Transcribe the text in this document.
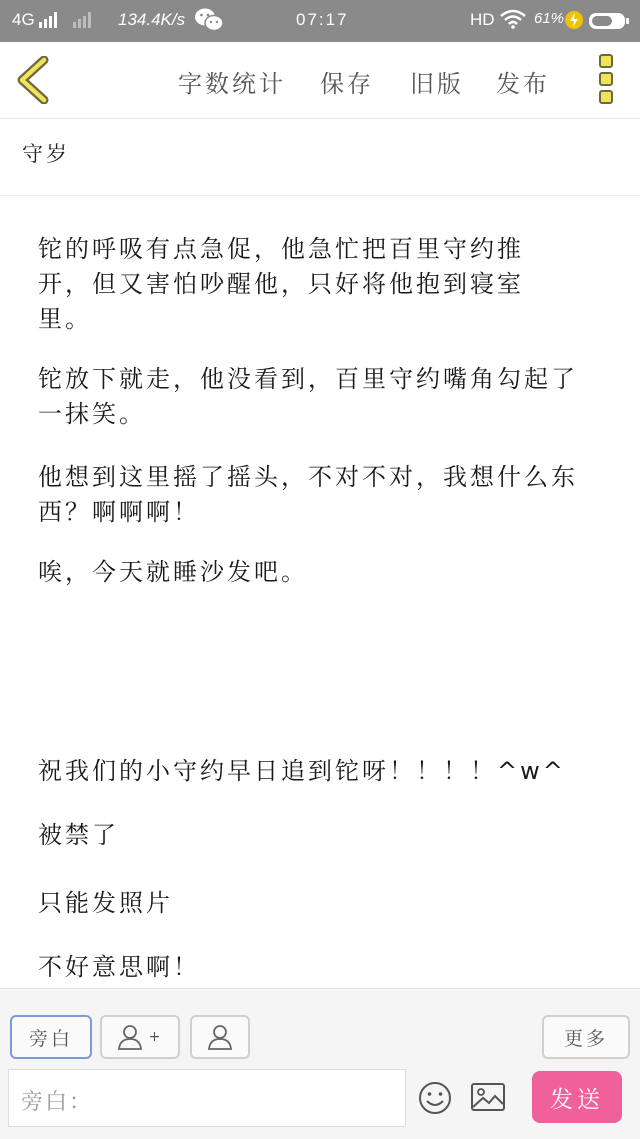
4G	134.4K/s	07:17	HD	61%
字数统计 保存 旧版 发布
守岁

铊的呼吸有点急促，他急忙把百里守约推开，但又害怕吵醒他，只好将他抱到寝室里。

铊放下就走，他没看到，百里守约嘴角勾起了一抹笑。

他想到这里摇了摇头，不对不对，我想什么东西？啊啊啊！

唉，今天就睡沙发吧。

祝我们的小守约早日追到铊呀！！！！^w^

被禁了

只能发照片

不好意思啊！

旁白	+	更多
旁白：	发送
